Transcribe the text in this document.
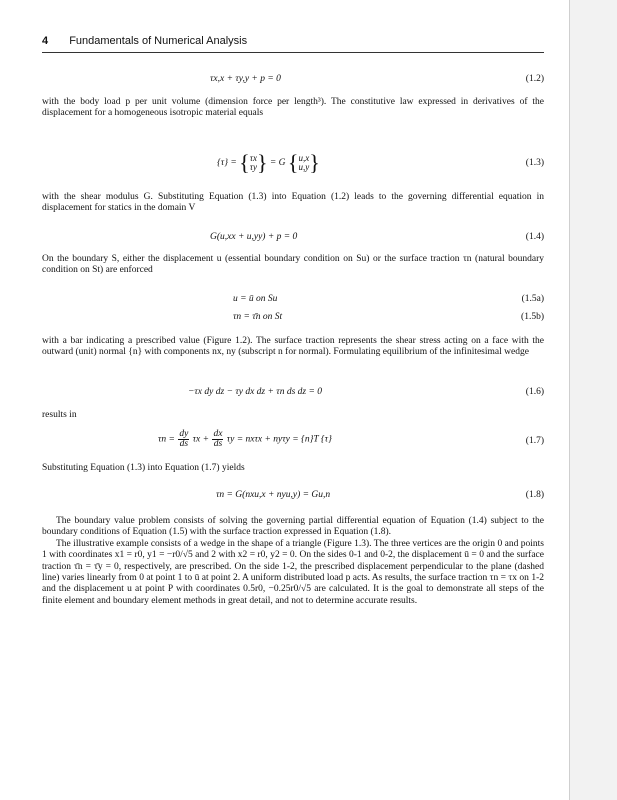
4 Fundamentals of Numerical Analysis
τx,x + τy,y + p = 0	(1.2)

with the body load p per unit volume (dimension force per length³). The constitutive law expressed in derivatives of the displacement for a homogeneous isotropic material equals

{τ} = { τx
τy } = G { u,x
u,y }	(1.3)

with the shear modulus G. Substituting Equation (1.3) into Equation (1.2) leads to the governing differential equation in displacement for statics in the domain V

G(u,xx + u,yy) + p = 0	(1.4)

On the boundary S, either the displacement u (essential boundary condition on Su) or the surface traction τn (natural boundary condition on St) are enforced

u = ū on Su	(1.5a)
τn = τ̄n on St	(1.5b)

with a bar indicating a prescribed value (Figure 1.2). The surface traction represents the shear stress acting on a face with the outward (unit) normal {n} with components nx, ny (subscript n for normal). Formulating equilibrium of the infinitesimal wedge

−τx dy dz − τy dx dz + τn ds dz = 0	(1.6)

results in

$\tau n = \frac{dy}{ds}$ $\tau x + \frac{dx}{ds}$ τy = nxτx + nyτy = {n}T {τ}	(1.7)

Substituting Equation (1.3) into Equation (1.7) yields

τn = G(nxu,x + nyu,y) = Gu,n	(1.8)

The boundary value problem consists of solving the governing partial differential equation of Equation (1.4) subject to the boundary conditions of Equation (1.5) with the surface traction expressed in Equation (1.8).

The illustrative example consists of a wedge in the shape of a triangle (Figure 1.3). The three vertices are the origin 0 and points 1 with coordinates x1 = r0, y1 = −r0/√5 and 2 with x2 = r0, y2 = 0. On the sides 0-1 and 0-2, the displacement ū = 0 and the surface traction τ̄n = τ̄y = 0, respectively, are prescribed. On the side 1-2, the prescribed displacement perpendicular to the plane (dashed line) varies linearly from 0 at point 1 to ū at point 2. A uniform distributed load p acts. As results, the surface traction τn = τx on 1-2 and the displacement u at point P with coordinates 0.5r0, −0.25r0/√5 are calculated. It is the goal to demonstrate all steps of the finite element and boundary element methods in great detail, and not to determine accurate results.
